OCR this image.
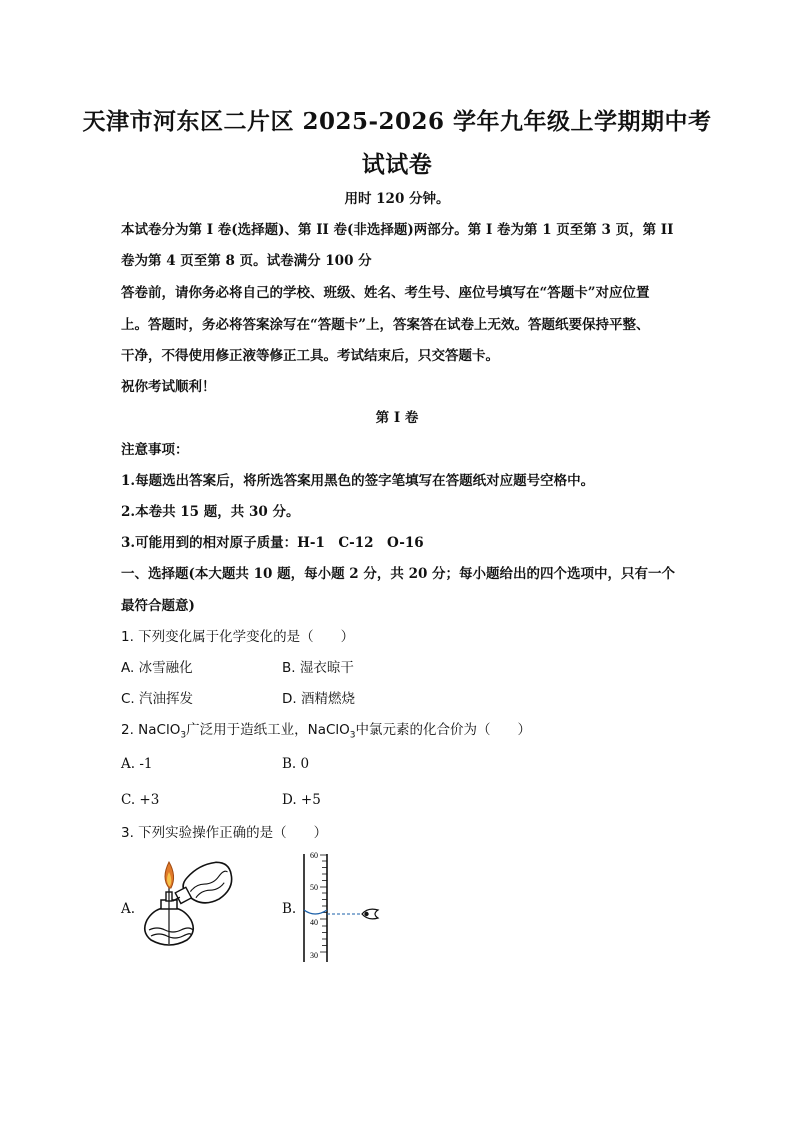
天津市河东区二片区 2025-2026 学年九年级上学期期中考
试试卷
用时 120 分钟。
本试卷分为第 I 卷(选择题)、第 II 卷(非选择题)两部分。第 I 卷为第 1 页至第 3 页，第 II
卷为第 4 页至第 8 页。试卷满分 100 分
答卷前，请你务必将自己的学校、班级、姓名、考生号、座位号填写在“答题卡”对应位置
上。答题时，务必将答案涂写在“答题卡”上，答案答在试卷上无效。答题纸要保持平整、
干净，不得使用修正液等修正工具。考试结束后，只交答题卡。
祝你考试顺利！
第 I 卷
注意事项：
1.每题选出答案后，将所选答案用黑色的签字笔填写在答题纸对应题号空格中。
2.本卷共 15 题，共 30 分。
3.可能用到的相对原子质量：H-1　C-12　O-16
一、选择题(本大题共 10 题，每小题 2 分，共 20 分；每小题给出的四个选项中，只有一个
最符合题意)
1. 下列变化属于化学变化的是（　　）
A. 冰雪融化	B. 湿衣晾干
C. 汽油挥发	D. 酒精燃烧
2. NaClO$_3$广泛用于造纸工业，NaClO$_3$中氯元素的化合价为（　　）
A. -1	B. 0
C. +3	D. +5
3. 下列实验操作正确的是（　　）
A.	B.
60
50
40
30
